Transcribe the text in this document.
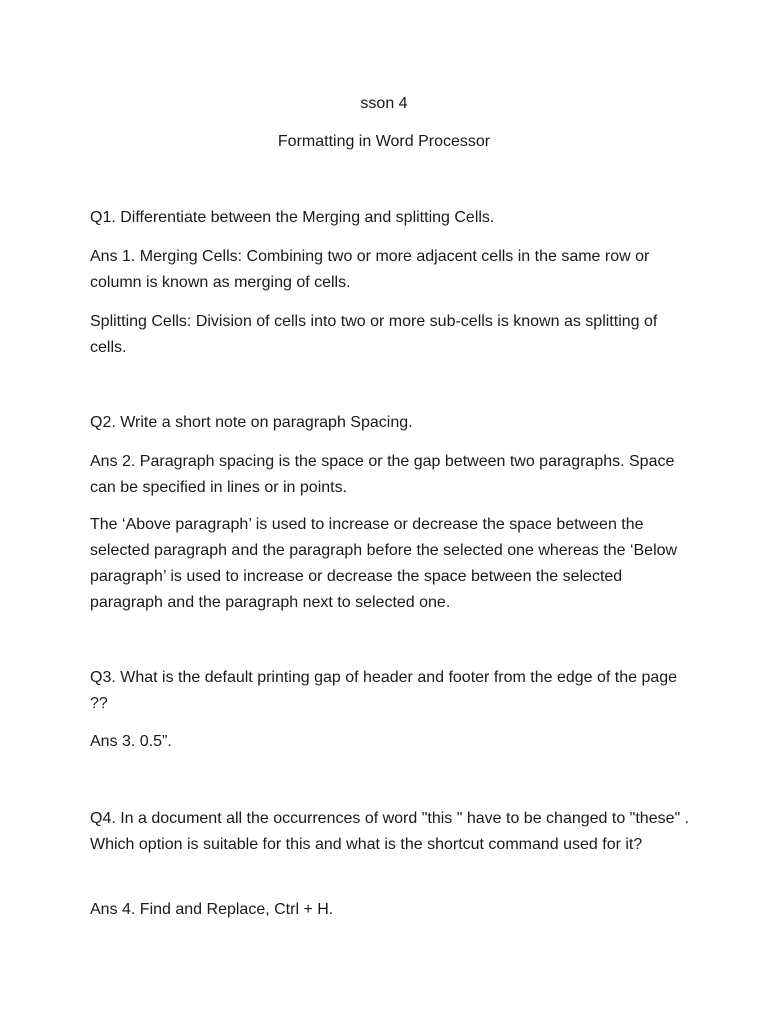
sson 4

Formatting in Word Processor

Q1. Differentiate between the Merging and splitting Cells.

Ans 1. Merging Cells: Combining two or more adjacent cells in the same row or column is known as merging of cells.

Splitting Cells: Division of cells into two or more sub-cells is known as splitting of cells.

Q2. Write a short note on paragraph Spacing.

Ans 2. Paragraph spacing is the space or the gap between two paragraphs. Space can be specified in lines or in points.

The ‘Above paragraph’ is used to increase or decrease the space between the selected paragraph and the paragraph before the selected one whereas the ‘Below paragraph’ is used to increase or decrease the space between the selected paragraph and the paragraph next to selected one.

Q3. What is the default printing gap of header and footer from the edge of the page ??

Ans 3. 0.5”.

Q4. In a document all the occurrences of word "this " have to be changed to "these" . Which option is suitable for this and what is the shortcut command used for it?

Ans 4. Find and Replace, Ctrl + H.
